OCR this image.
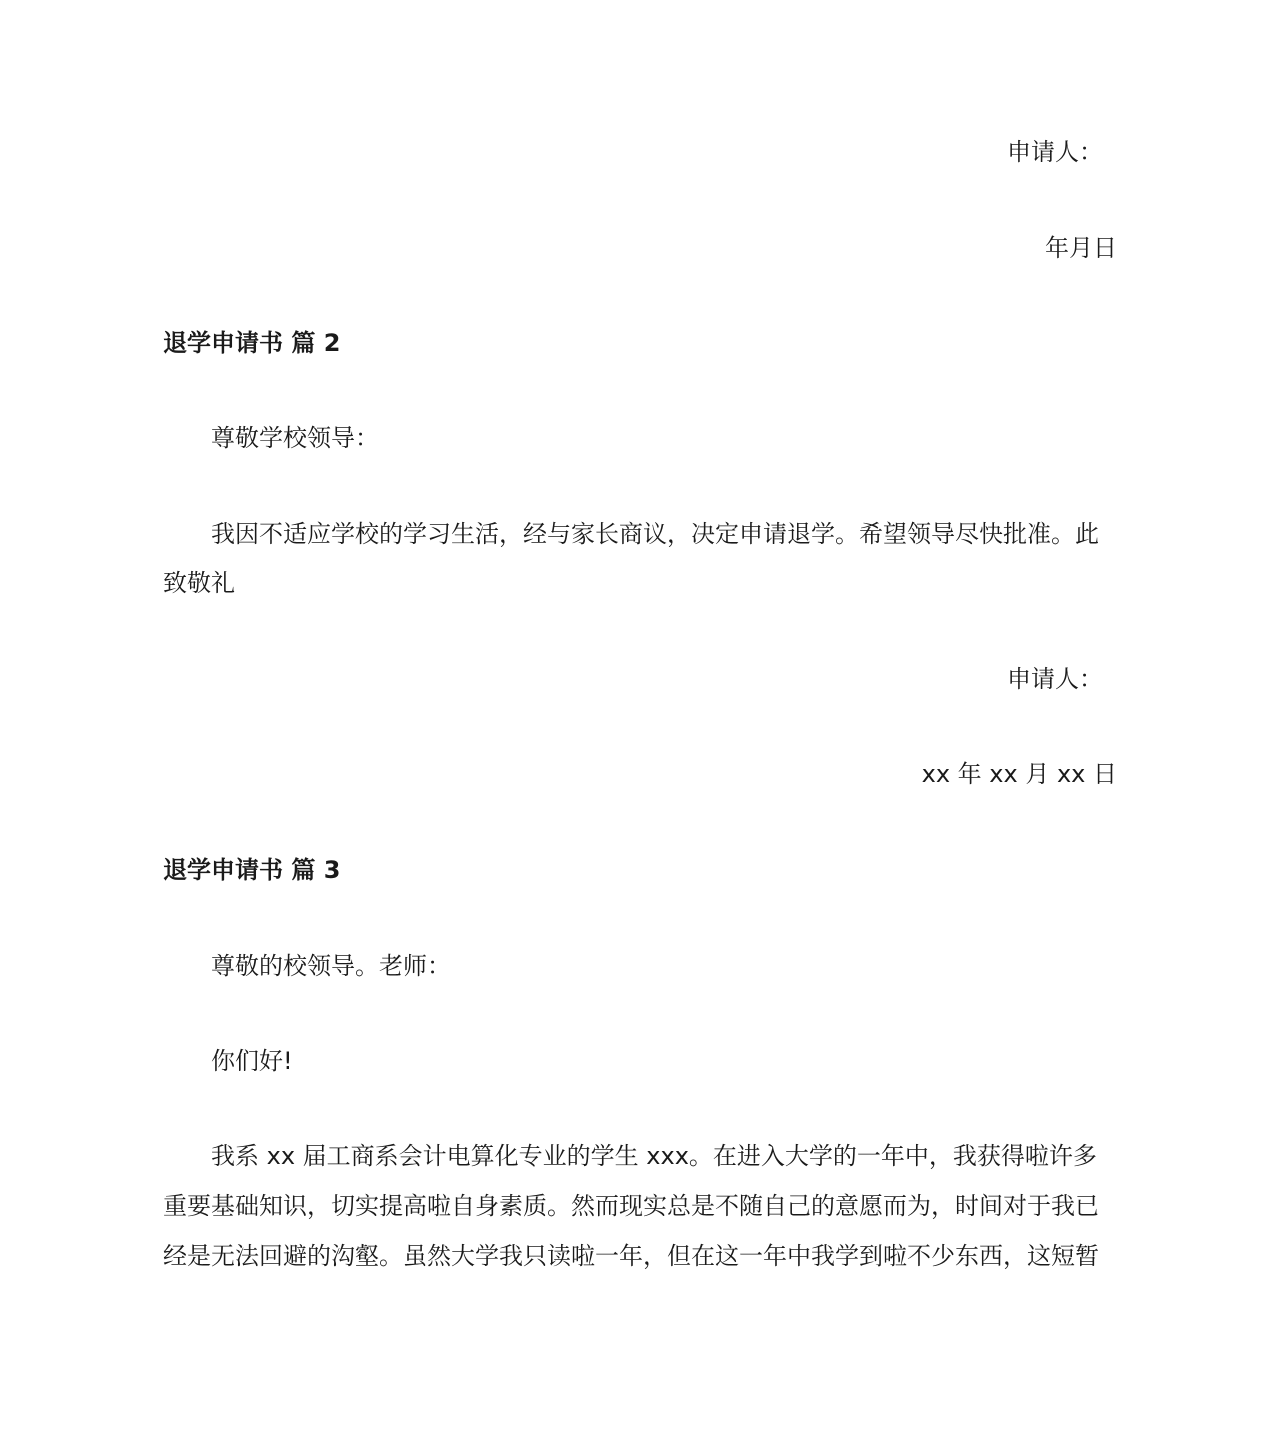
申请人：
年月日
退学申请书 篇 2
尊敬学校领导：
我因不适应学校的学习生活，经与家长商议，决定申请退学。希望领导尽快批准。此
致敬礼
申请人：
xx 年 xx 月 xx 日
退学申请书 篇 3
尊敬的校领导。老师：
你们好!
我系 xx 届工商系会计电算化专业的学生 xxx。在进入大学的一年中，我获得啦许多
重要基础知识，切实提高啦自身素质。然而现实总是不随自己的意愿而为，时间对于我已
经是无法回避的沟壑。虽然大学我只读啦一年，但在这一年中我学到啦不少东西，这短暂
